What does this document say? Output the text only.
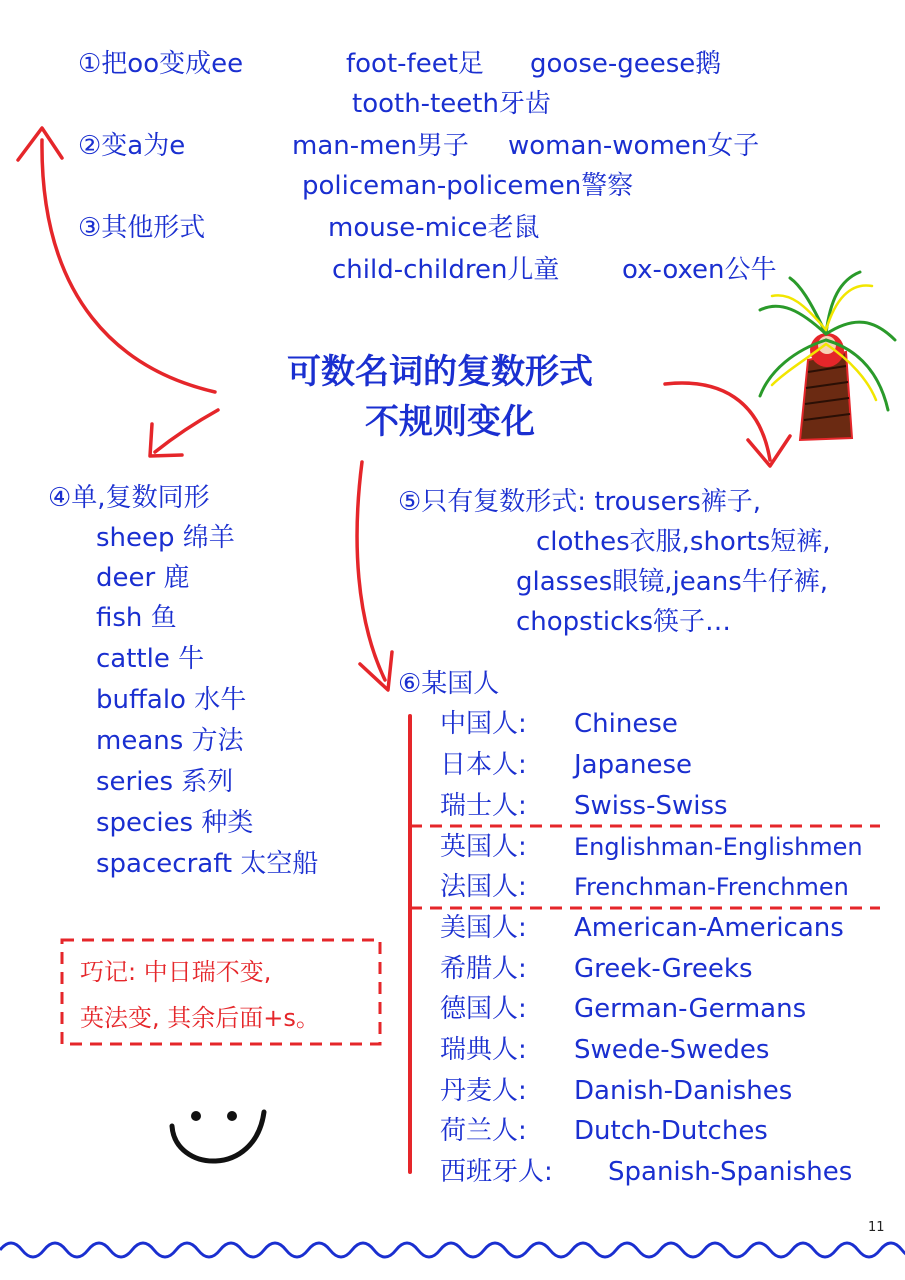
①把oo变成ee	foot-feet足 goose-geese鹅
tooth-teeth牙齿
②变a为e	man-men男子 woman-women女子
policeman-policemen警察
③其他形式	mouse-mice老鼠
child-children儿童 ox-oxen公牛
可数名词的复数形式
不规则变化
④单,复数同形
sheep 绵羊
deer 鹿
fish 鱼
cattle 牛
buffalo 水牛
means 方法
series 系列
species 种类
spacecraft 太空船
⑤只有复数形式: trousers裤子,
clothes衣服,shorts短裤,
glasses眼镜,jeans牛仔裤,
chopsticks筷子…
⑥某国人
中国人: Chinese
日本人: Japanese
瑞士人: Swiss-Swiss
英国人: Englishman-Englishmen
法国人: Frenchman-Frenchmen
美国人: American-Americans
希腊人: Greek-Greeks
德国人: German-Germans
瑞典人: Swede-Swedes
丹麦人: Danish-Danishes
荷兰人: Dutch-Dutches
西班牙人: Spanish-Spanishes
巧记: 中日瑞不变,
英法变, 其余后面+s。
11
